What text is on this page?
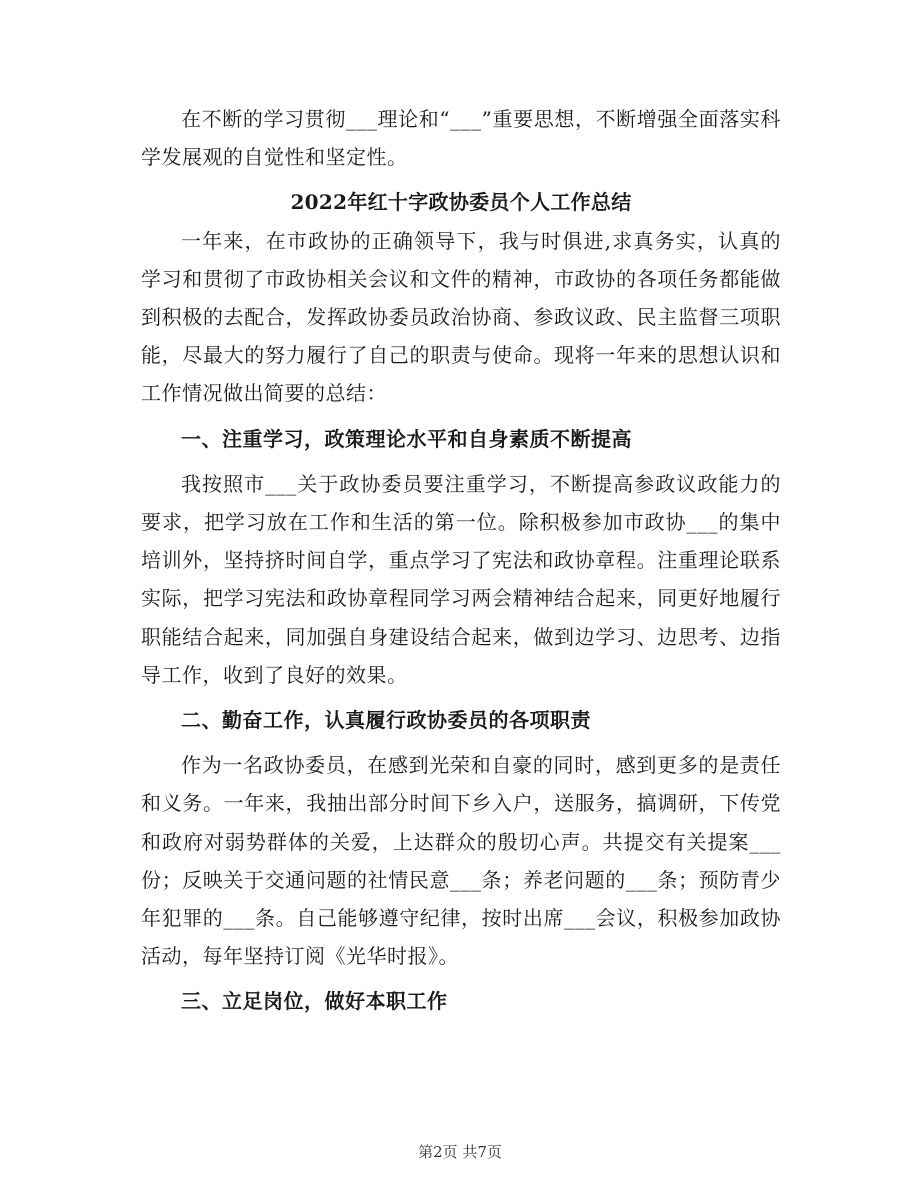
在不断的学习贯彻___理论和“___”重要思想，不断增强全面落实科学发展观的自觉性和坚定性。

2022年红十字政协委员个人工作总结

一年来，在市政协的正确领导下，我与时俱进,求真务实，认真的学习和贯彻了市政协相关会议和文件的精神，市政协的各项任务都能做到积极的去配合，发挥政协委员政治协商、参政议政、民主监督三项职能，尽最大的努力履行了自己的职责与使命。现将一年来的思想认识和工作情况做出简要的总结：

一、注重学习，政策理论水平和自身素质不断提高

我按照市___关于政协委员要注重学习，不断提高参政议政能力的要求，把学习放在工作和生活的第一位。除积极参加市政协___的集中培训外，坚持挤时间自学，重点学习了宪法和政协章程。注重理论联系实际，把学习宪法和政协章程同学习两会精神结合起来，同更好地履行职能结合起来，同加强自身建设结合起来，做到边学习、边思考、边指导工作，收到了良好的效果。

二、勤奋工作，认真履行政协委员的各项职责

作为一名政协委员，在感到光荣和自豪的同时，感到更多的是责任和义务。一年来，我抽出部分时间下乡入户，送服务，搞调研，下传党和政府对弱势群体的关爱，上达群众的殷切心声。共提交有关提案___份；反映关于交通问题的社情民意___条；养老问题的___条；预防青少年犯罪的___条。自己能够遵守纪律，按时出席___会议，积极参加政协活动，每年坚持订阅《光华时报》。

三、立足岗位，做好本职工作

第2页 共7页
